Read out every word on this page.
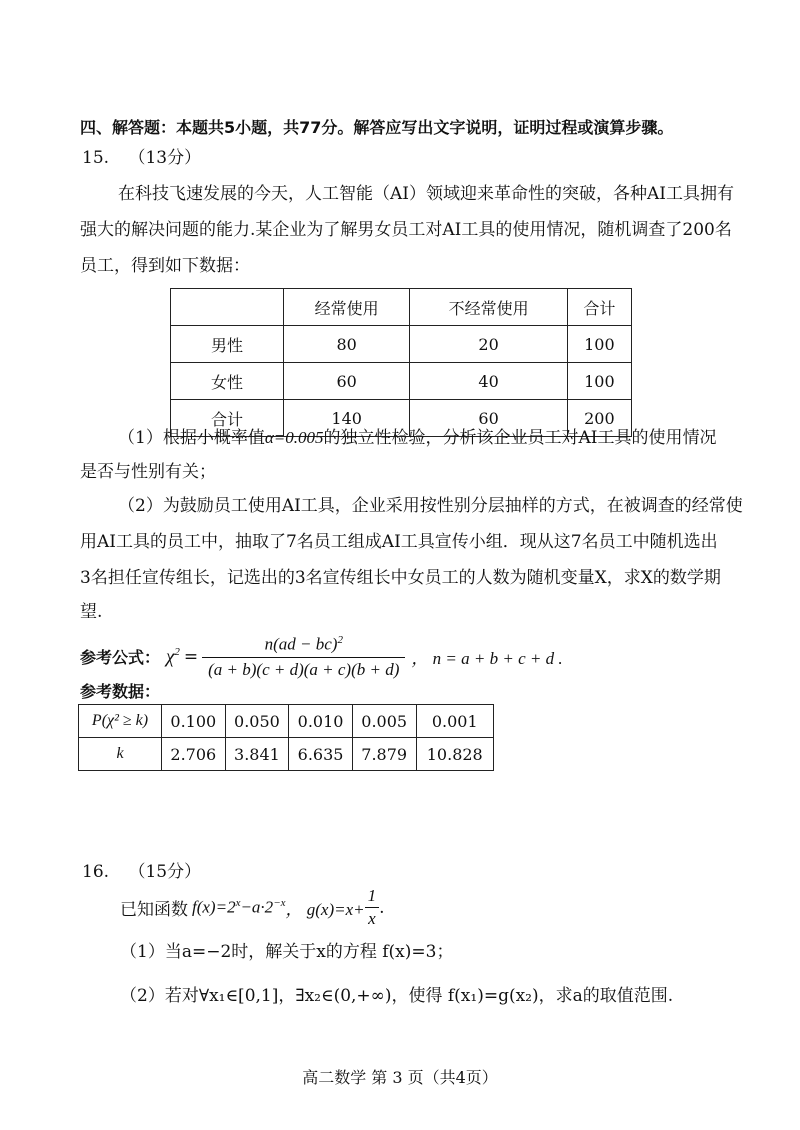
四、解答题：本题共5小题，共77分。解答应写出文字说明，证明过程或演算步骤。
15. （13分）
在科技飞速发展的今天，人工智能（AI）领域迎来革命性的突破，各种AI工具拥有
强大的解决问题的能力.某企业为了解男女员工对AI工具的使用情况，随机调查了200名
员工，得到如下数据：
	经常使用	不经常使用	合计
男性	80	20	100
女性	60	40	100
合计	140	60	200
（1）根据小概率值α=0.005的独立性检验，分析该企业员工对AI工具的使用情况
是否与性别有关；
（2）为鼓励员工使用AI工具，企业采用按性别分层抽样的方式，在被调查的经常使
用AI工具的员工中，抽取了7名员工组成AI工具宣传小组．现从这7名员工中随机选出
3名担任宣传组长，记选出的3名宣传组长中女员工的人数为随机变量X，求X的数学期
望.
参考公式： $\chi^2 = \frac{n(ad - bc)^2}{(a + b)(c + d)(a + c)(b + d)}$ ， n = a + b + c + d .
参考数据：
P(χ² ≥ k)	0.100	0.050	0.010	0.005	0.001
k	2.706	3.841	6.635	7.879	10.828
16. （15分）
已知函数 $f(x)=2^x-a\cdot 2^{-x}$ ， $g(x)=x+ \frac{1}{x}$ .
（1）当a=−2时，解关于x的方程 f(x)=3；
（2）若对∀x₁∈[0,1]，∃x₂∈(0,+∞)，使得 f(x₁)=g(x₂)，求a的取值范围.
高二数学 第 3 页（共4页）
